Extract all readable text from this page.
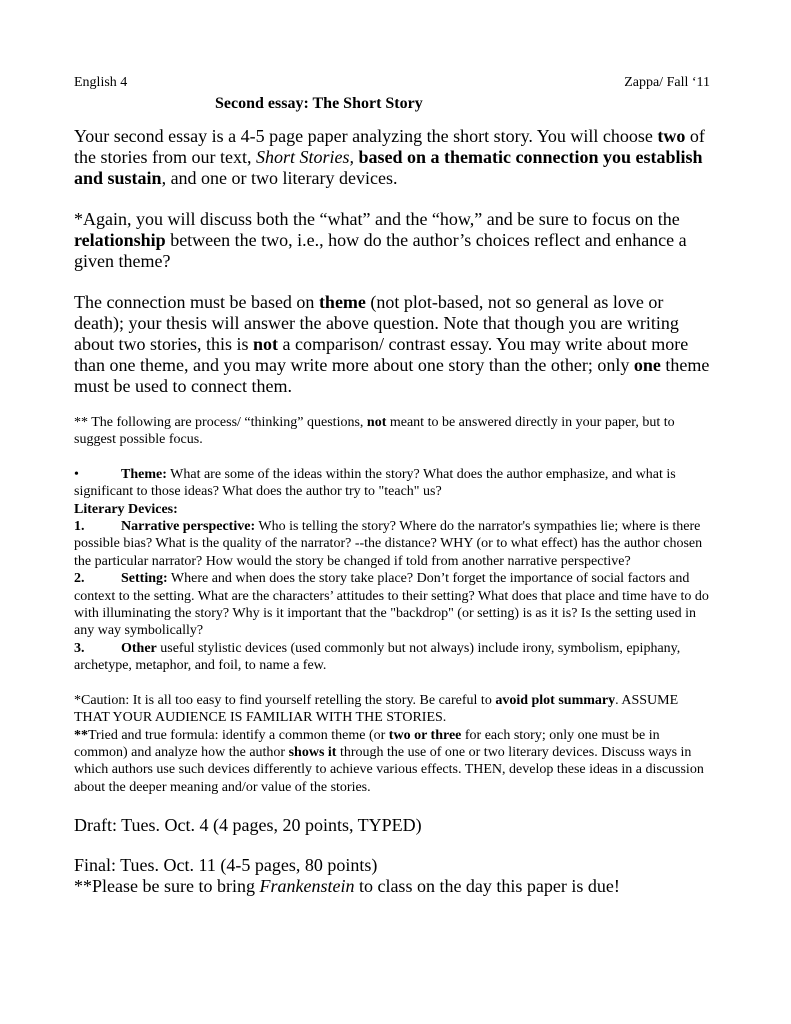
English 4	Zappa/ Fall ‘11
Second essay: The Short Story

Your second essay is a 4-5 page paper analyzing the short story. You will choose two of the stories from our text, Short Stories, based on a thematic connection you establish and sustain, and one or two literary devices.

*Again, you will discuss both the “what” and the “how,” and be sure to focus on the relationship between the two, i.e., how do the author’s choices reflect and enhance a given theme?

The connection must be based on theme (not plot-based, not so general as love or death); your thesis will answer the above question. Note that though you are writing about two stories, this is not a comparison/ contrast essay. You may write about more than one theme, and you may write more about one story than the other; only one theme must be used to connect them.

** The following are process/ “thinking” questions, not meant to be answered directly in your paper, but to suggest possible focus.

•	Theme: What are some of the ideas within the story? What does the author emphasize, and what is significant to those ideas? What does the author try to "teach" us?

Literary Devices:

1.	Narrative perspective: Who is telling the story? Where do the narrator's sympathies lie; where is there possible bias? What is the quality of the narrator? --the distance? WHY (or to what effect) has the author chosen the particular narrator? How would the story be changed if told from another narrative perspective?

2.	Setting: Where and when does the story take place? Don’t forget the importance of social factors and context to the setting. What are the characters’ attitudes to their setting? What does that place and time have to do with illuminating the story? Why is it important that the "backdrop" (or setting) is as it is? Is the setting used in any way symbolically?

3.	Other useful stylistic devices (used commonly but not always) include irony, symbolism, epiphany, archetype, metaphor, and foil, to name a few.

*Caution: It is all too easy to find yourself retelling the story. Be careful to avoid plot summary. ASSUME THAT YOUR AUDIENCE IS FAMILIAR WITH THE STORIES.

**Tried and true formula: identify a common theme (or two or three for each story; only one must be in common) and analyze how the author shows it through the use of one or two literary devices. Discuss ways in which authors use such devices differently to achieve various effects. THEN, develop these ideas in a discussion about the deeper meaning and/or value of the stories.

Draft: Tues. Oct. 4 (4 pages, 20 points, TYPED)

Final: Tues. Oct. 11 (4-5 pages, 80 points)

**Please be sure to bring Frankenstein to class on the day this paper is due!
